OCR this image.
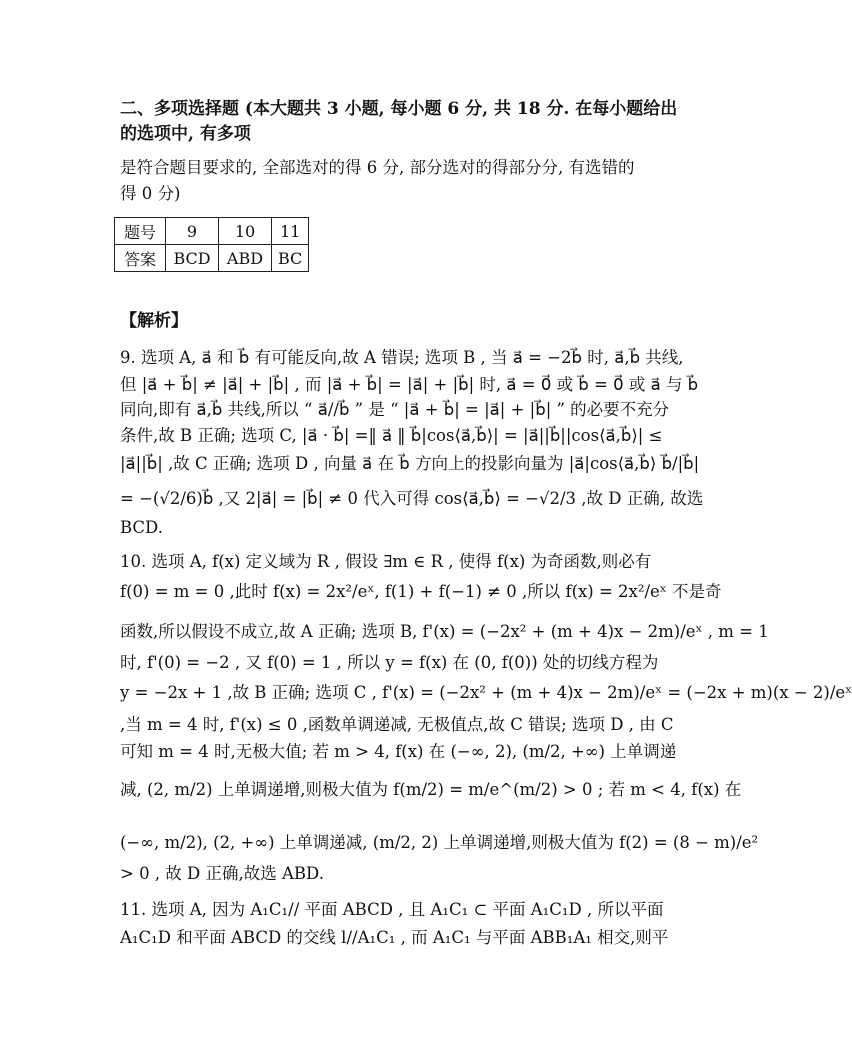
二、多项选择题 (本大题共 3 小题, 每小题 6 分, 共 18 分. 在每小题给出
的选项中, 有多项
是符合题目要求的, 全部选对的得 6 分, 部分选对的得部分分, 有选错的
得 0 分)
题号	9	10	11
答案	BCD	ABD	BC
【解析】
9. 选项 A, a⃗ 和 b⃗ 有可能反向,故 A 错误; 选项 B , 当 a⃗ = −2b⃗ 时, a⃗,b⃗ 共线,
但 |a⃗ + b⃗| ≠ |a⃗| + |b⃗| , 而 |a⃗ + b⃗| = |a⃗| + |b⃗| 时, a⃗ = 0⃗ 或 b⃗ = 0⃗ 或 a⃗ 与 b⃗
同向,即有 a⃗,b⃗ 共线,所以 “ a⃗//b⃗ ” 是 “ |a⃗ + b⃗| = |a⃗| + |b⃗| ” 的必要不充分
条件,故 B 正确; 选项 C, |a⃗ · b⃗| =‖ a⃗ ‖ b⃗|cos⟨a⃗,b⃗⟩| = |a⃗||b⃗||cos⟨a⃗,b⃗⟩| ≤
|a⃗||b⃗| ,故 C 正确; 选项 D , 向量 a⃗ 在 b⃗ 方向上的投影向量为 |a⃗|cos⟨a⃗,b⃗⟩ b⃗/|b⃗|
= −(√2/6)b⃗ ,又 2|a⃗| = |b⃗| ≠ 0 代入可得 cos⟨a⃗,b⃗⟩ = −√2/3 ,故 D 正确, 故选
BCD.
10. 选项 A, f(x) 定义域为 R , 假设 ∃m ∈ R , 使得 f(x) 为奇函数,则必有
f(0) = m = 0 ,此时 f(x) = 2x²/eˣ, f(1) + f(−1) ≠ 0 ,所以 f(x) = 2x²/eˣ 不是奇
函数,所以假设不成立,故 A 正确; 选项 B, f'(x) = (−2x² + (m + 4)x − 2m)/eˣ , m = 1
时, f'(0) = −2 , 又 f(0) = 1 , 所以 y = f(x) 在 (0, f(0)) 处的切线方程为
y = −2x + 1 ,故 B 正确; 选项 C , f'(x) = (−2x² + (m + 4)x − 2m)/eˣ = (−2x + m)(x − 2)/eˣ
,当 m = 4 时, f'(x) ≤ 0 ,函数单调递减, 无极值点,故 C 错误; 选项 D , 由 C
可知 m = 4 时,无极大值; 若 m > 4, f(x) 在 (−∞, 2), (m/2, +∞) 上单调递
减, (2, m/2) 上单调递增,则极大值为 f(m/2) = m/e^(m/2) > 0 ; 若 m < 4, f(x) 在
(−∞, m/2), (2, +∞) 上单调递减, (m/2, 2) 上单调递增,则极大值为 f(2) = (8 − m)/e²
> 0 , 故 D 正确,故选 ABD.
11. 选项 A, 因为 A₁C₁// 平面 ABCD , 且 A₁C₁ ⊂ 平面 A₁C₁D , 所以平面
A₁C₁D 和平面 ABCD 的交线 l//A₁C₁ , 而 A₁C₁ 与平面 ABB₁A₁ 相交,则平
